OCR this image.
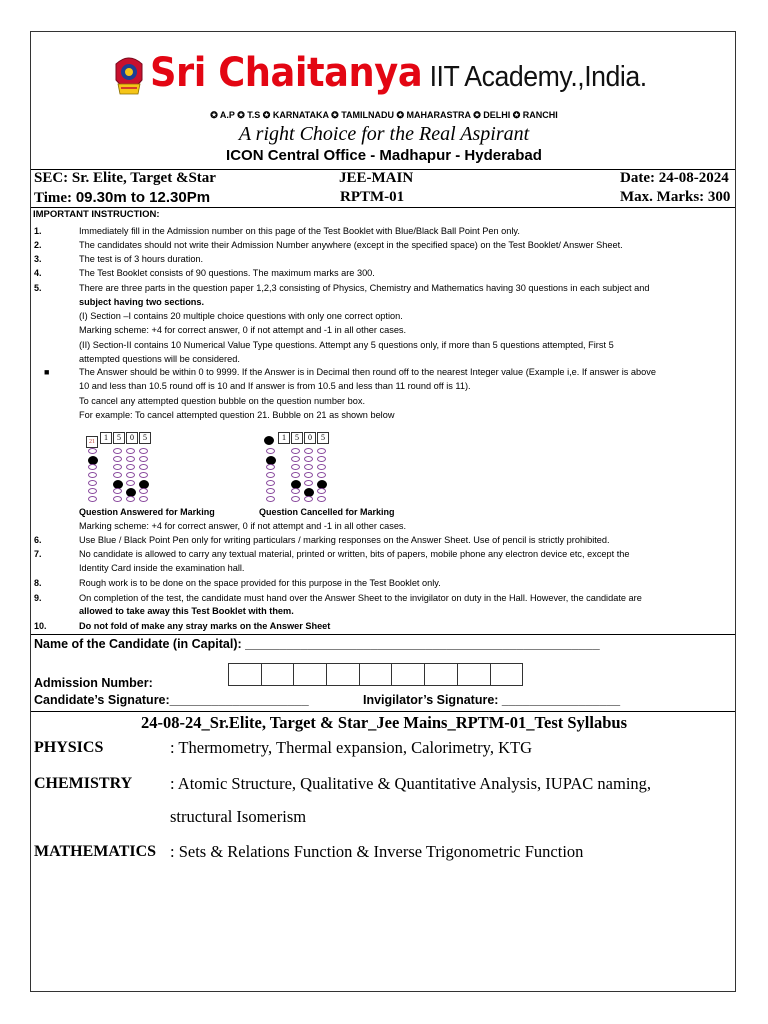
Sri Chaitanya IIT Academy.,India.
✪ A.P ✪ T.S ✪ KARNATAKA ✪ TAMILNADU ✪ MAHARASTRA ✪ DELHI ✪ RANCHI
A right Choice for the Real Aspirant
ICON Central Office - Madhapur - Hyderabad
SEC: Sr. Elite, Target &Star	JEE-MAIN	Date: 24-08-2024
Time: 09.30m to 12.30Pm	RPTM-01	Max. Marks: 300
IMPORTANT INSTRUCTION:
1.	Immediately fill in the Admission number on this page of the Test Booklet with Blue/Black Ball Point Pen only.
2.	The candidates should not write their Admission Number anywhere (except in the specified space) on the Test Booklet/ Answer Sheet.
3.	The test is of 3 hours duration.
4.	The Test Booklet consists of 90 questions. The maximum marks are 300.
5.	There are three parts in the question paper 1,2,3 consisting of Physics, Chemistry and Mathematics having 30 questions in each subject and
subject having two sections.
(I) Section –I contains 20 multiple choice questions with only one correct option.
Marking scheme: +4 for correct answer, 0 if not attempt and -1 in all other cases.
(II) Section-II contains 10 Numerical Value Type questions. Attempt any 5 questions only, if more than 5 questions attempted, First 5
attempted questions will be considered.
■	The Answer should be within 0 to 9999. If the Answer is in Decimal then round off to the nearest Integer value (Example i,e. If answer is above
10 and less than 10.5 round off is 10 and If answer is from 10.5 and less than 11 round off is 11).
To cancel any attempted question bubble on the question number box.
For example: To cancel attempted question 21. Bubble on 21 as shown below
21	1	5	0	5	1	5	0	5
Question Answered for Marking	Question Cancelled for Marking
Marking scheme: +4 for correct answer, 0 if not attempt and -1 in all other cases.
6.	Use Blue / Black Point Pen only for writing particulars / marking responses on the Answer Sheet. Use of pencil is strictly prohibited.
7.	No candidate is allowed to carry any textual material, printed or written, bits of papers, mobile phone any electron device etc, except the
Identity Card inside the examination hall.
8.	Rough work is to be done on the space provided for this purpose in the Test Booklet only.
9.	On completion of the test, the candidate must hand over the Answer Sheet to the invigilator on duty in the Hall. However, the candidate are
allowed to take away this Test Booklet with them.
10.	Do not fold of make any stray marks on the Answer Sheet
Name of the Candidate (in Capital): ___________________________________________________
Admission Number:
Candidate’s Signature:____________________	Invigilator’s Signature: _________________
24-08-24_Sr.Elite, Target & Star_Jee Mains_RPTM-01_Test Syllabus
PHYSICS	: Thermometry, Thermal expansion, Calorimetry, KTG
CHEMISTRY : Atomic Structure, Qualitative & Quantitative Analysis, IUPAC naming,
structural Isomerism
MATHEMATICS : Sets & Relations Function & Inverse Trigonometric Function
